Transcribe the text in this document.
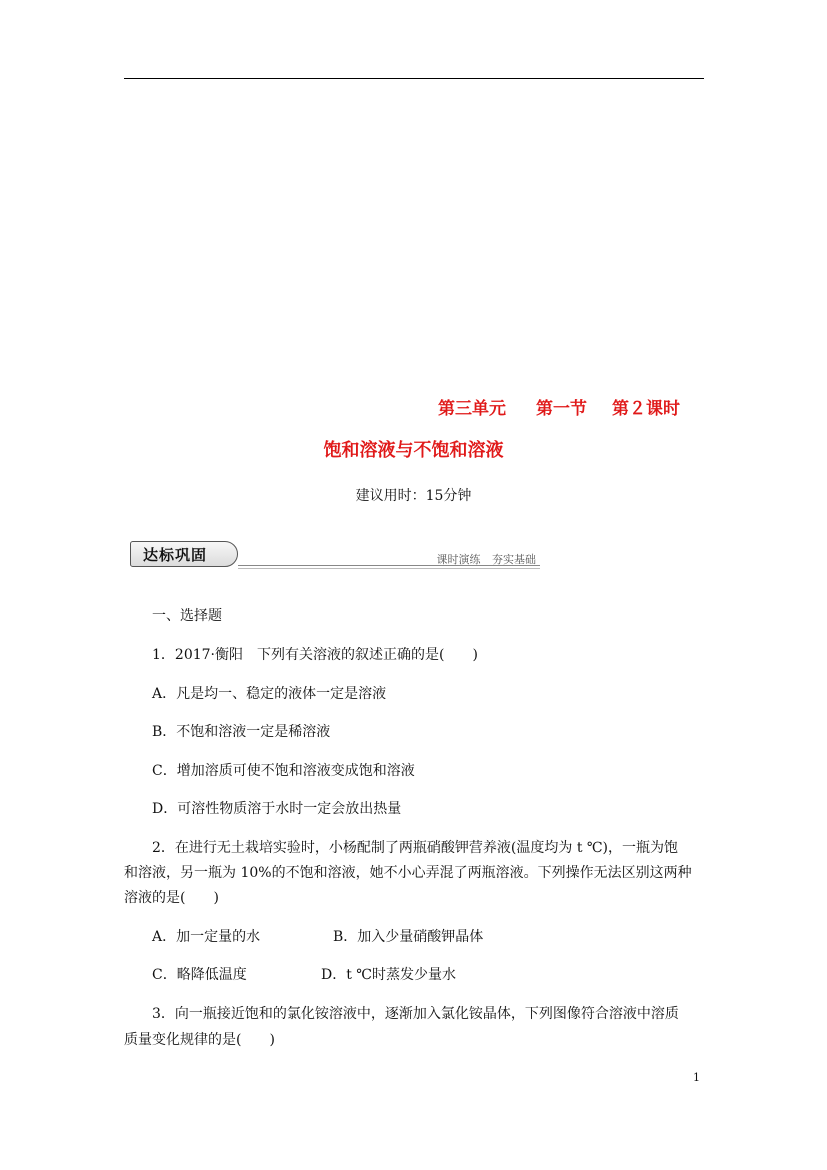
第三单元 第一节 第２课时
饱和溶液与不饱和溶液
建议用时：15分钟
达标巩固	课时演练 夯实基础
一、选择题
1．2017·衡阳　下列有关溶液的叙述正确的是(　　)
A．凡是均一、稳定的液体一定是溶液
B．不饱和溶液一定是稀溶液
C．增加溶质可使不饱和溶液变成饱和溶液
D．可溶性物质溶于水时一定会放出热量
2．在进行无土栽培实验时，小杨配制了两瓶硝酸钾营养液(温度均为 t ℃)，一瓶为饱
和溶液，另一瓶为 10%的不饱和溶液，她不小心弄混了两瓶溶液。下列操作无法区别这两种
溶液的是(　　)
A．加一定量的水	B．加入少量硝酸钾晶体
C．略降低温度	D．t ℃时蒸发少量水
3．向一瓶接近饱和的氯化铵溶液中，逐渐加入氯化铵晶体，下列图像符合溶液中溶质
质量变化规律的是(　　)
1
